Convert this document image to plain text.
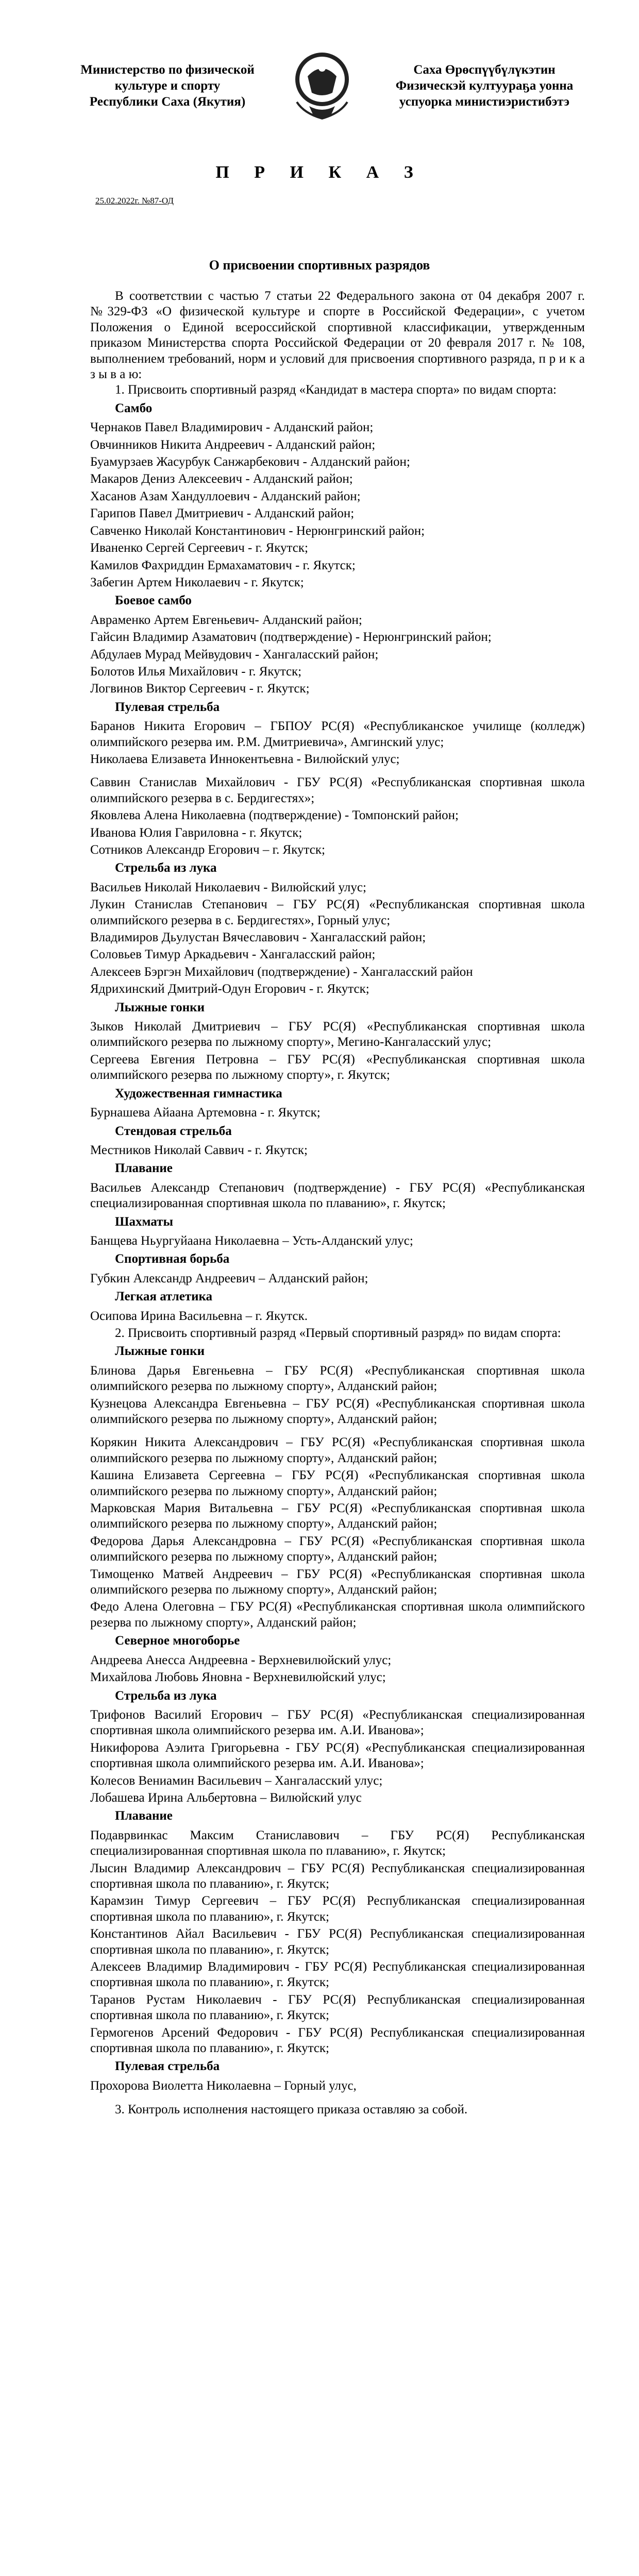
Министерство по физической
культуре и спорту
Республики Саха (Якутия)
Саха Өрөспүүбүлүкэтин
Физическэй култуураҕа уонна
успуорка министиэристибэтэ
П Р И К А З
25.02.2022г. №87-ОД
О присвоении спортивных разрядов

В соответствии с частью 7 статьи 22 Федерального закона от 04 декабря 2007 г. №329-ФЗ «О физической культуре и спорте в Российской Федерации», с учетом Положения о Единой всероссийской спортивной классификации, утвержденным приказом Министерства спорта Российской Федерации от 20 февраля 2017 г. № 108, выполнением требований, норм и условий для присвоения спортивного разряда, п р и к а з ы в а ю:

1. Присвоить спортивный разряд «Кандидат в мастера спорта» по видам спорта:

Самбо

Чернаков Павел Владимирович - Алданский район;

Овчинников Никита Андреевич - Алданский район;

Буамурзаев Жасурбук Санжарбекович - Алданский район;

Макаров Дениз Алексеевич - Алданский район;

Хасанов Азам Хандуллоевич - Алданский район;

Гарипов Павел Дмитриевич - Алданский район;

Савченко Николай Константинович - Нерюнгринский район;

Иваненко Сергей Сергеевич - г. Якутск;

Камилов Фахриддин Ермахаматович - г. Якутск;

Забегин Артем Николаевич - г. Якутск;

Боевое самбо

Авраменко Артем Евгеньевич- Алданский район;

Гайсин Владимир Азаматович (подтверждение) - Нерюнгринский район;

Абдулаев Мурад Мейвудович - Хангаласский район;

Болотов Илья Михайлович - г. Якутск;

Логвинов Виктор Сергеевич - г. Якутск;

Пулевая стрельба

Баранов Никита Егорович – ГБПОУ РС(Я) «Республиканское училище (колледж) олимпийского резерва им. Р.М. Дмитриевича», Амгинский улус;

Николаева Елизавета Иннокентьевна - Вилюйский улус;

Саввин Станислав Михайлович - ГБУ РС(Я) «Республиканская спортивная школа олимпийского резерва в с. Бердигестях»;

Яковлева Алена Николаевна (подтверждение) - Томпонский район;

Иванова Юлия Гавриловна - г. Якутск;

Сотников Александр Егорович – г. Якутск;

Стрельба из лука

Васильев Николай Николаевич - Вилюйский улус;

Лукин Станислав Степанович – ГБУ РС(Я) «Республиканская спортивная школа олимпийского резерва в с. Бердигестях», Горный улус;

Владимиров Дьулустан Вячеславович - Хангаласский район;

Соловьев Тимур Аркадьевич - Хангаласский район;

Алексеев Бэргэн Михайлович (подтверждение) - Хангаласский район

Ядрихинский Дмитрий-Одун Егорович - г. Якутск;

Лыжные гонки

Зыков Николай Дмитриевич – ГБУ РС(Я) «Республиканская спортивная школа олимпийского резерва по лыжному спорту», Мегино-Кангаласский улус;

Сергеева Евгения Петровна – ГБУ РС(Я) «Республиканская спортивная школа олимпийского резерва по лыжному спорту», г. Якутск;

Художественная гимнастика

Бурнашева Айаана Артемовна - г. Якутск;

Стендовая стрельба

Местников Николай Саввич - г. Якутск;

Плавание

Васильев Александр Степанович (подтверждение) - ГБУ РС(Я) «Республиканская специализированная спортивная школа по плаванию», г. Якутск;

Шахматы

Банщева Ньургуйаана Николаевна – Усть-Алданский улус;

Спортивная борьба

Губкин Александр Андреевич – Алданский район;

Легкая атлетика

Осипова Ирина Васильевна – г. Якутск.

2. Присвоить спортивный разряд «Первый спортивный разряд» по видам спорта:

Лыжные гонки

Блинова Дарья Евгеньевна – ГБУ РС(Я) «Республиканская спортивная школа олимпийского резерва по лыжному спорту», Алданский район;

Кузнецова Александра Евгеньевна – ГБУ РС(Я) «Республиканская спортивная школа олимпийского резерва по лыжному спорту», Алданский район;

Корякин Никита Александрович – ГБУ РС(Я) «Республиканская спортивная школа олимпийского резерва по лыжному спорту», Алданский район;

Кашина Елизавета Сергеевна – ГБУ РС(Я) «Республиканская спортивная школа олимпийского резерва по лыжному спорту», Алданский район;

Марковская Мария Витальевна – ГБУ РС(Я) «Республиканская спортивная школа олимпийского резерва по лыжному спорту», Алданский район;

Федорова Дарья Александровна – ГБУ РС(Я) «Республиканская спортивная школа олимпийского резерва по лыжному спорту», Алданский район;

Тимощенко Матвей Андреевич – ГБУ РС(Я) «Республиканская спортивная школа олимпийского резерва по лыжному спорту», Алданский район;

Федо Алена Олеговна – ГБУ РС(Я) «Республиканская спортивная школа олимпийского резерва по лыжному спорту», Алданский район;

Северное многоборье

Андреева Анесса Андреевна - Верхневилюйский улус;

Михайлова Любовь Яновна - Верхневилюйский улус;

Стрельба из лука

Трифонов Василий Егорович – ГБУ РС(Я) «Республиканская специализированная спортивная школа олимпийского резерва им. А.И. Иванова»;

Никифорова Аэлита Григорьевна - ГБУ РС(Я) «Республиканская специализированная спортивная школа олимпийского резерва им. А.И. Иванова»;

Колесов Вениамин Васильевич – Хангаласский улус;

Лобашева Ирина Альбертовна – Вилюйский улус

Плавание

Подаврвинкас Максим Станиславович – ГБУ РС(Я) Республиканская специализированная спортивная школа по плаванию», г. Якутск;

Лысин Владимир Александрович – ГБУ РС(Я) Республиканская специализированная спортивная школа по плаванию», г. Якутск;

Карамзин Тимур Сергеевич – ГБУ РС(Я) Республиканская специализированная спортивная школа по плаванию», г. Якутск;

Константинов Айал Васильевич - ГБУ РС(Я) Республиканская специализированная спортивная школа по плаванию», г. Якутск;

Алексеев Владимир Владимирович - ГБУ РС(Я) Республиканская специализированная спортивная школа по плаванию», г. Якутск;

Таранов Рустам Николаевич - ГБУ РС(Я) Республиканская специализированная спортивная школа по плаванию», г. Якутск;

Гермогенов Арсений Федорович - ГБУ РС(Я) Республиканская специализированная спортивная школа по плаванию», г. Якутск;

Пулевая стрельба

Прохорова Виолетта Николаевна – Горный улус,

3. Контроль исполнения настоящего приказа оставляю за собой.
